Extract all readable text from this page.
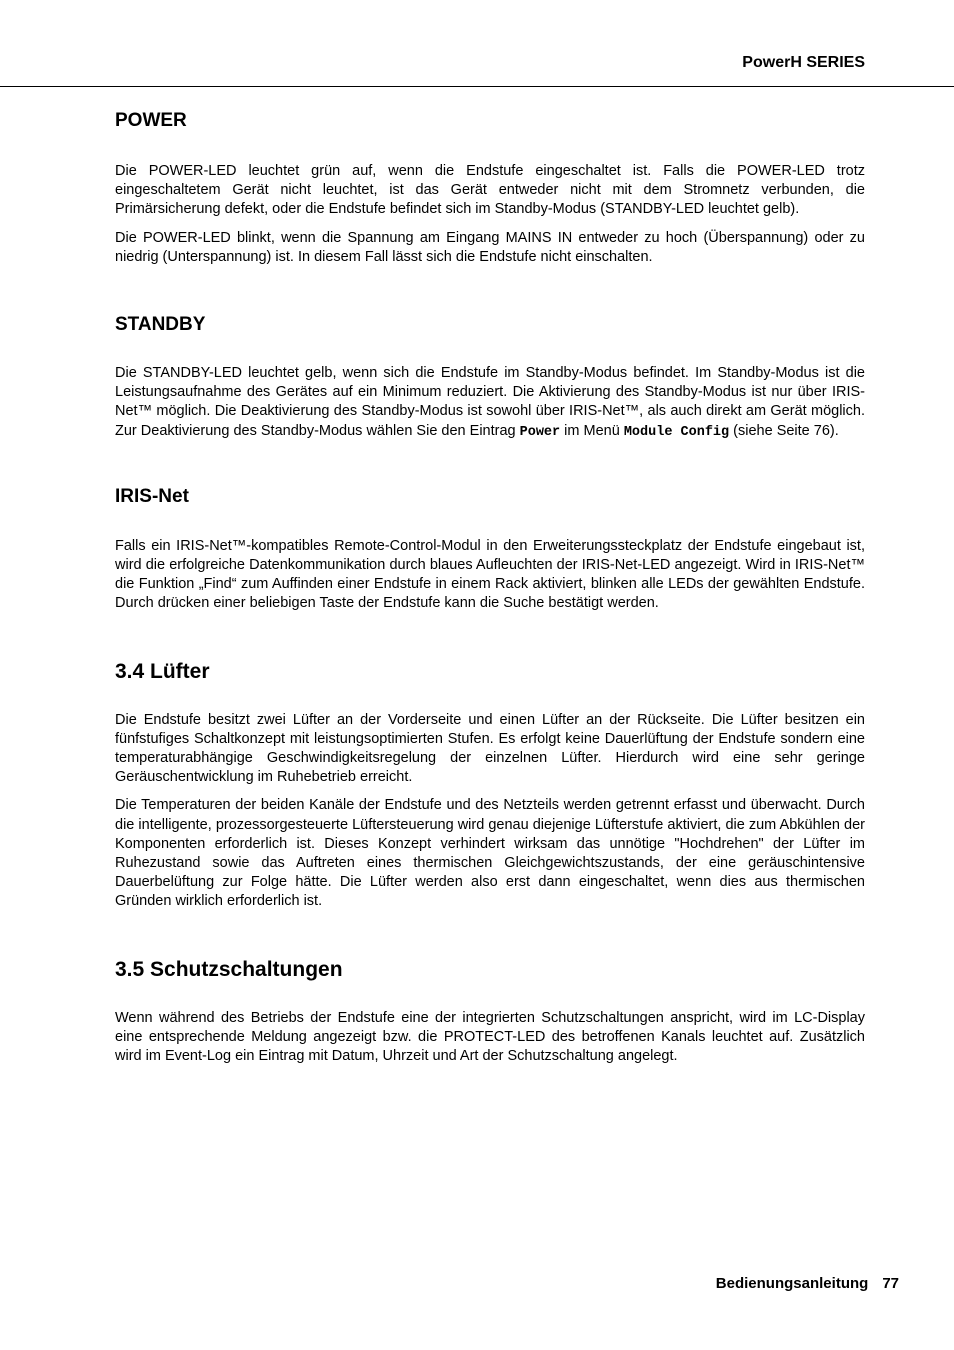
PowerH SERIES
POWER

Die POWER-LED leuchtet grün auf, wenn die Endstufe eingeschaltet ist. Falls die POWER-LED trotz eingeschaltetem Gerät nicht leuchtet, ist das Gerät entweder nicht mit dem Stromnetz verbunden, die Primärsicherung defekt, oder die Endstufe befindet sich im Standby-Modus (STANDBY-LED leuchtet gelb).

Die POWER-LED blinkt, wenn die Spannung am Eingang MAINS IN entweder zu hoch (Überspannung) oder zu niedrig (Unterspannung) ist. In diesem Fall lässt sich die Endstufe nicht einschalten.

STANDBY

Die STANDBY-LED leuchtet gelb, wenn sich die Endstufe im Standby-Modus befindet. Im Standby-Modus ist die Leistungsaufnahme des Gerätes auf ein Minimum reduziert. Die Aktivierung des Standby-Modus ist nur über IRIS-Net™ möglich. Die Deaktivierung des Standby-Modus ist sowohl über IRIS-Net™, als auch direkt am Gerät möglich. Zur Deaktivierung des Standby-Modus wählen Sie den Eintrag Power im Menü Module Config (siehe Seite 76).

IRIS-Net

Falls ein IRIS-Net™-kompatibles Remote-Control-Modul in den Erweiterungssteckplatz der Endstufe eingebaut ist, wird die erfolgreiche Datenkommunikation durch blaues Aufleuchten der IRIS-Net-LED angezeigt. Wird in IRIS-Net™ die Funktion „Find“ zum Auffinden einer Endstufe in einem Rack aktiviert, blinken alle LEDs der gewählten Endstufe. Durch drücken einer beliebigen Taste der Endstufe kann die Suche bestätigt werden.

3.4 Lüfter

Die Endstufe besitzt zwei Lüfter an der Vorderseite und einen Lüfter an der Rückseite. Die Lüfter besitzen ein fünfstufiges Schaltkonzept mit leistungsoptimierten Stufen. Es erfolgt keine Dauerlüftung der Endstufe sondern eine temperaturabhängige Geschwindigkeitsregelung der einzelnen Lüfter. Hierdurch wird eine sehr geringe Geräuschentwicklung im Ruhebetrieb erreicht.

Die Temperaturen der beiden Kanäle der Endstufe und des Netzteils werden getrennt erfasst und überwacht. Durch die intelligente, prozessorgesteuerte Lüftersteuerung wird genau diejenige Lüfterstufe aktiviert, die zum Abkühlen der Komponenten erforderlich ist. Dieses Konzept verhindert wirksam das unnötige "Hochdrehen" der Lüfter im Ruhezustand sowie das Auftreten eines thermischen Gleichgewichtszustands, der eine geräuschintensive Dauerbelüftung zur Folge hätte. Die Lüfter werden also erst dann eingeschaltet, wenn dies aus thermischen Gründen wirklich erforderlich ist.

3.5 Schutzschaltungen

Wenn während des Betriebs der Endstufe eine der integrierten Schutzschaltungen anspricht, wird im LC-Display eine entsprechende Meldung angezeigt bzw. die PROTECT-LED des betroffenen Kanals leuchtet auf. Zusätzlich wird im Event-Log ein Eintrag mit Datum, Uhrzeit und Art der Schutzschaltung angelegt.

Bedienungsanleitung 77
